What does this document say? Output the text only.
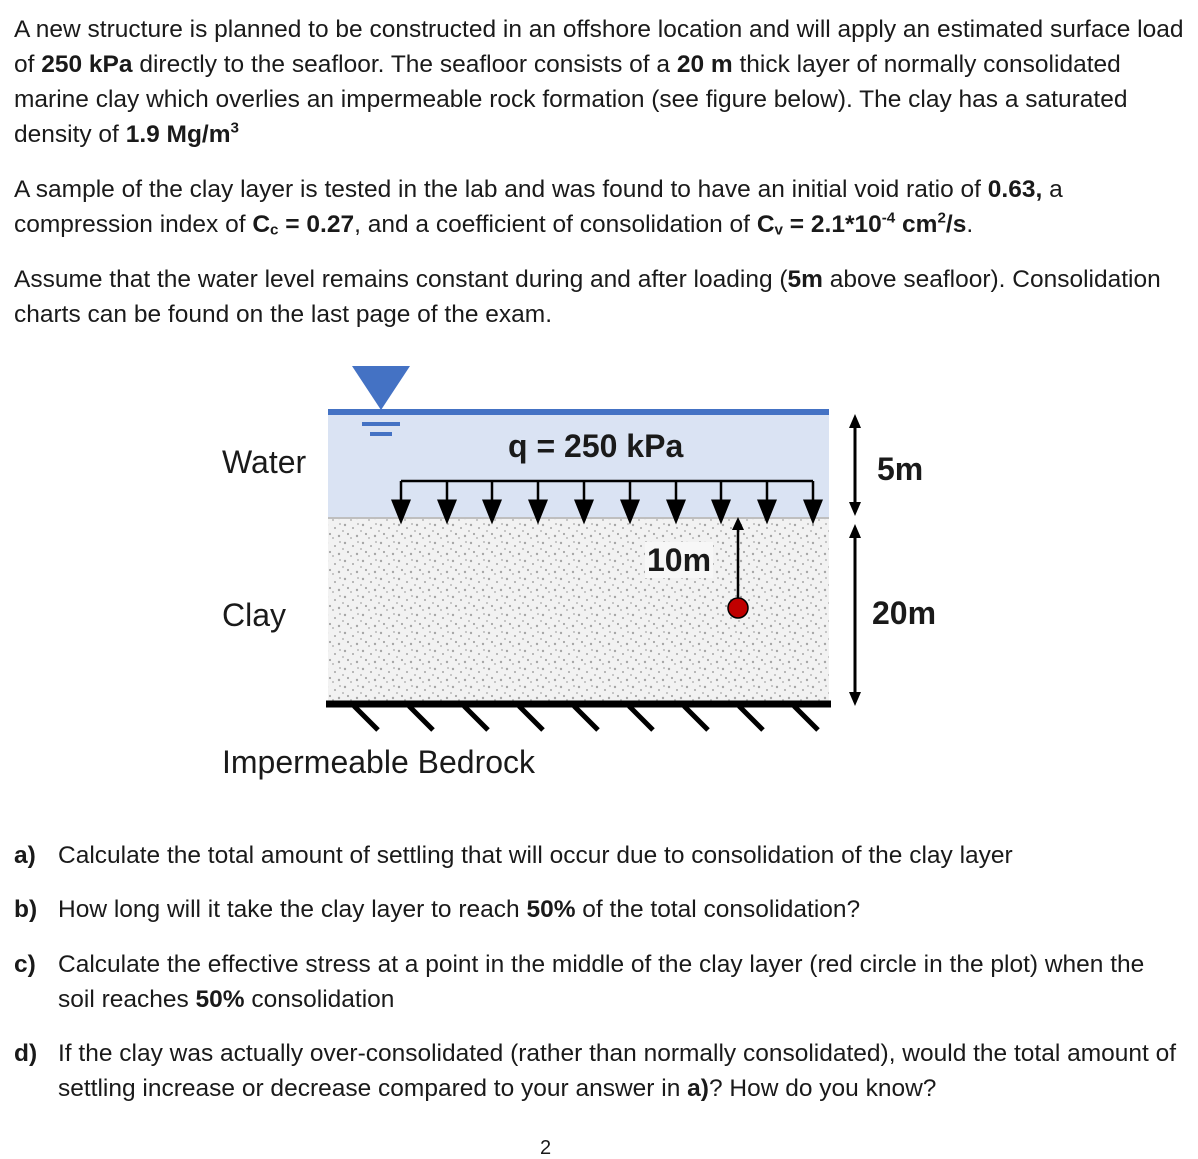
A new structure is planned to be constructed in an offshore location and will apply an estimated surface load of 250 kPa directly to the seafloor. The seafloor consists of a 20 m thick layer of normally consolidated marine clay which overlies an impermeable rock formation (see figure below). The clay has a saturated density of 1.9 $Mg/m^3$

A sample of the clay layer is tested in the lab and was found to have an initial void ratio of 0.63, a compression index of $C_c = 0.27$, and a coefficient of consolidation of $C_v = 2.1*10^{-4}$ $cm^2/s$.

Assume that the water level remains constant during and after loading (5m above seafloor). Consolidation charts can be found on the last page of the exam.

Water
Clay
Impermeable Bedrock
q = 250 kPa
10m
5m
20m
a) Calculate the total amount of settling that will occur due to consolidation of the clay layer
b) How long will it take the clay layer to reach 50% of the total consolidation?
c) Calculate the effective stress at a point in the middle of the clay layer (red circle in the plot) when the soil reaches 50% consolidation
d) If the clay was actually over-consolidated (rather than normally consolidated), would the total amount of settling increase or decrease compared to your answer in a)? How do you know?
2
